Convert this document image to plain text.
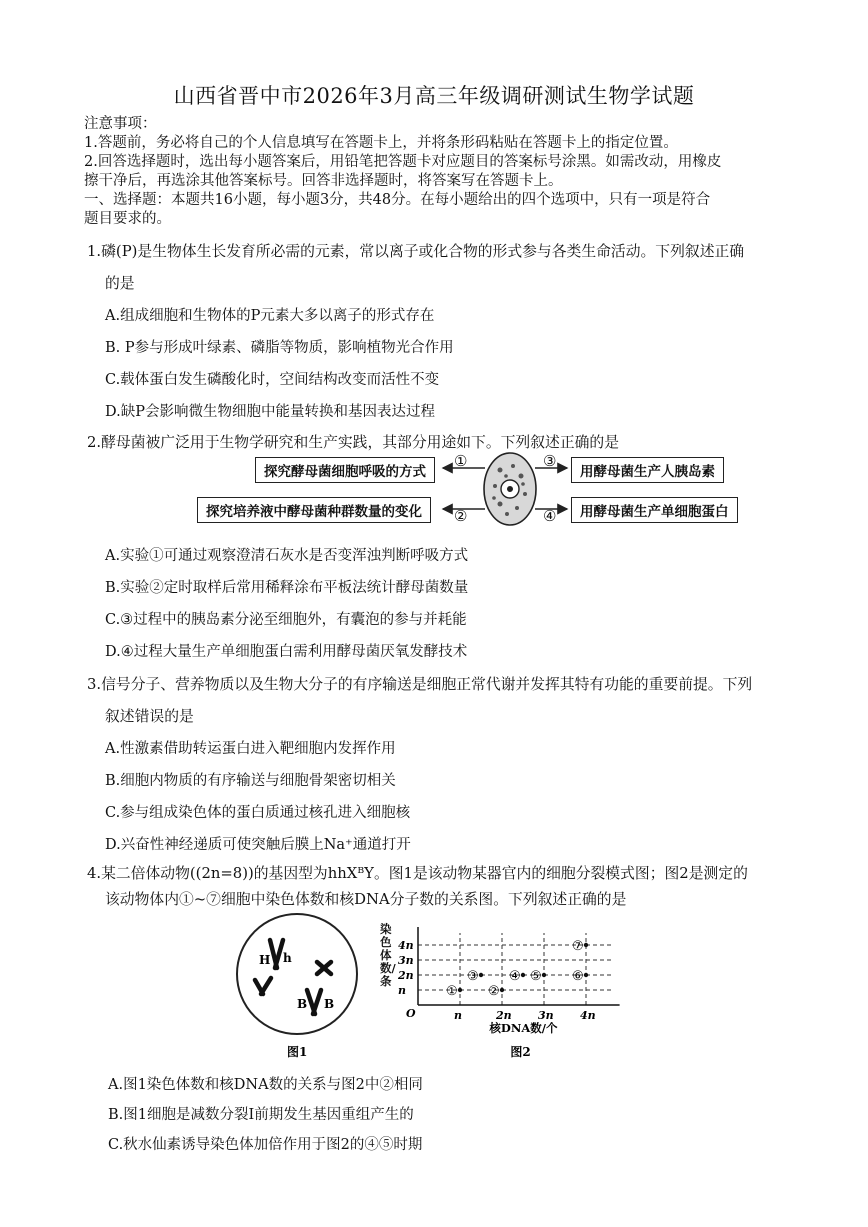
山西省晋中市2026年3月高三年级调研测试生物学试题
注意事项：
1.答题前，务必将自己的个人信息填写在答题卡上，并将条形码粘贴在答题卡上的指定位置。
2.回答选择题时，选出每小题答案后，用铅笔把答题卡对应题目的答案标号涂黑。如需改动，用橡皮
擦干净后，再选涂其他答案标号。回答非选择题时，将答案写在答题卡上。
一、选择题：本题共16小题，每小题3分，共48分。在每小题给出的四个选项中，只有一项是符合
题目要求的。
1.磷(P)是生物体生长发育所必需的元素，常以离子或化合物的形式参与各类生命活动。下列叙述正确
的是
A.组成细胞和生物体的P元素大多以离子的形式存在
B. P参与形成叶绿素、磷脂等物质，影响植物光合作用
C.载体蛋白发生磷酸化时，空间结构改变而活性不变
D.缺P会影响微生物细胞中能量转换和基因表达过程
2.酵母菌被广泛用于生物学研究和生产实践，其部分用途如下。下列叙述正确的是
探究酵母菌细胞呼吸的方式
探究培养液中酵母菌种群数量的变化
用酵母菌生产人胰岛素
用酵母菌生产单细胞蛋白
①
②
③
④
A.实验①可通过观察澄清石灰水是否变浑浊判断呼吸方式
B.实验②定时取样后常用稀释涂布平板法统计酵母菌数量
C.③过程中的胰岛素分泌至细胞外，有囊泡的参与并耗能
D.④过程大量生产单细胞蛋白需利用酵母菌厌氧发酵技术
3.信号分子、营养物质以及生物大分子的有序输送是细胞正常代谢并发挥其特有功能的重要前提。下列
叙述错误的是
A.性激素借助转运蛋白进入靶细胞内发挥作用
B.细胞内物质的有序输送与细胞骨架密切相关
C.参与组成染色体的蛋白质通过核孔进入细胞核
D.兴奋性神经递质可使突触后膜上Na⁺通道打开
4.某二倍体动物((2n=8))的基因型为hhXᴮY。图1是该动物某器官内的细胞分裂模式图；图2是测定的
该动物体内①~⑦细胞中染色体数和核DNA分子数的关系图。下列叙述正确的是
H h
B B
图1
n	2n 3n 4n
n
2n
3n
4n
① ②
③ ④ ⑤ ⑥
⑦
O
核DNA数/个
图2
染色体数/条
A.图1染色体数和核DNA数的关系与图2中②相同
B.图1细胞是减数分裂Ⅰ前期发生基因重组产生的
C.秋水仙素诱导染色体加倍作用于图2的④⑤时期
